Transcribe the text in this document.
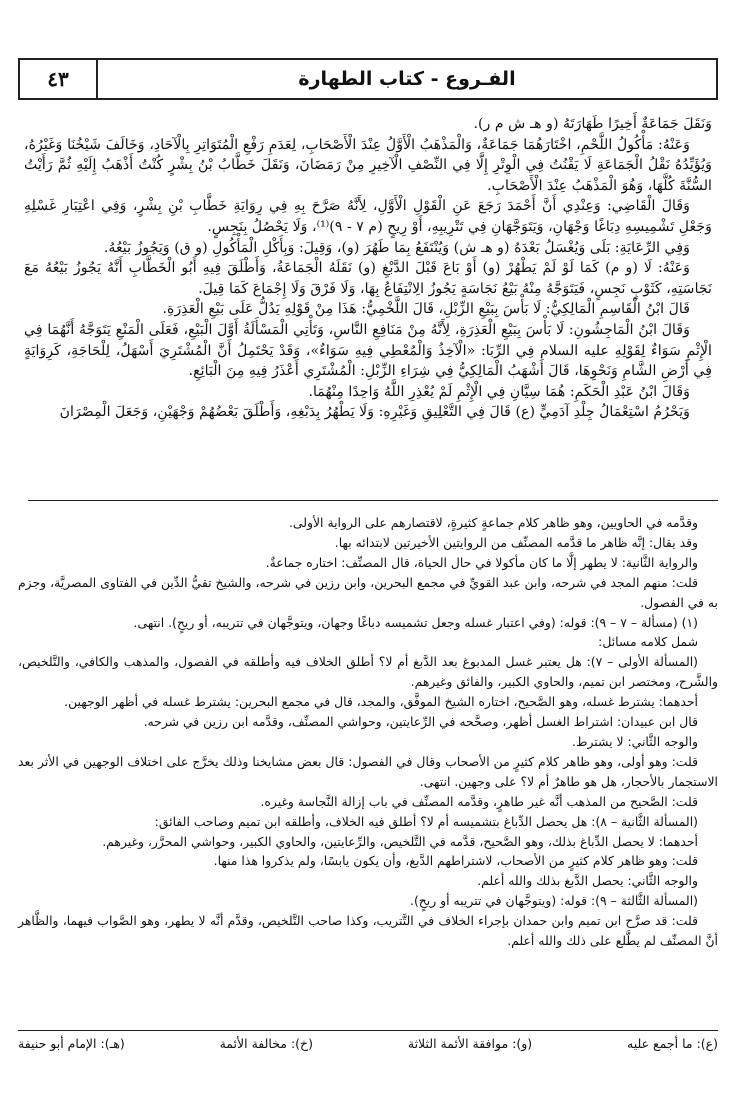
٤٣	الفـروع - كتاب الطهارة

وَنَقَلَ جَمَاعَةٌ أَخِيرًا طَهَارَتَهُ (و هـ ش م ر).

وَعَنْهُ: مَأْكُولُ اللَّحْمِ، اخْتَارَهُمَا جَمَاعَةٌ، وَالْمَذْهَبُ الْأَوَّلُ عِنْدَ الْأَصْحَابِ، لِعَدَمِ رَفْعِ الْمُتَوَاتِرِ بِالْآحَادِ، وَخَالَفَ شَيْخُنَا وَغَيْرُهُ، وَيُؤَيِّدُهُ نَقْلُ الْجَمَاعَةِ لَا يَقْنُتُ فِي الْوِتْرِ إِلَّا فِي النِّصْفِ الْآخِيرِ مِنْ رَمَضَانَ، وَنَقَلَ خَطَّابُ بْنُ بِشْرٍ كُنْتُ أَذْهَبُ إِلَيْهِ ثُمَّ رَأَيْتُ السُّنَّةَ كُلَّهَا، وَهُوَ الْمَذْهَبُ عِنْدَ الْأَصْحَابِ.

وَقَالَ الْقَاضِي: وَعِنْدِي أَنَّ أَحْمَدَ رَجَعَ عَنِ الْقَوْلِ الْأَوَّلِ، لِأَنَّهُ صَرَّحَ بِهِ فِي رِوَايَةِ خَطَّابِ بْنِ بِشْرٍ، وَفِي اعْتِبَارِ غَسْلِهِ وَجَعْلِ تَشْمِيسِهِ دِبَاغًا وَجْهَانِ، وَيَتَوَجَّهَانِ فِي تَتْرِيبِهِ، أَوْ رِيحٍ (م ٧ - ٩)⁽¹⁾، وَلَا يَحْصُلُ بِنَجِسٍ.

وَفِي الرِّعَايَةِ: بَلَى وَيُغْسَلُ بَعْدَهُ (و هـ ش) وَيُنْتَفَعُ بِمَا طَهُرَ (و)، وَقِيلَ: وَبِأَكْلِ الْمَأْكُولِ (و ق) وَيَجُوزُ بَيْعُهُ.

وَعَنْهُ: لَا (و م) كَمَا لَوْ لَمْ يَطْهُرْ (و) أَوْ بَاعَ قَبْلَ الدَّبْغِ (و) نَقَلَهُ الْجَمَاعَةُ، وَأَطْلَقَ فِيهِ أَبُو الْخَطَّابِ أَنَّهُ يَجُوزُ بَيْعُهُ مَعَ نَجَاسَتِهِ، كَثَوْبٍ نَجِسٍ، فَيَتَوَجَّهُ مِنْهُ بَيْعُ نَجَاسَةٍ يَجُوزُ الِانْتِفَاعُ بِهَا، وَلَا فَرْقَ وَلَا إِجْمَاعَ كَمَا قِيلَ.

قَالَ ابْنُ الْقَاسِمِ الْمَالِكِيُّ: لَا بَأْسَ بِبَيْعِ الزِّبْلِ، قَالَ اللَّخْمِيُّ: هَذَا مِنْ قَوْلِهِ يَدُلُّ عَلَى بَيْعِ الْعَذِرَةِ.

وَقَالَ ابْنُ الْمَاجِشُونِ: لَا بَأْسَ بِبَيْعِ الْعَذِرَةِ، لِأَنَّهُ مِنْ مَنَافِعِ النَّاسِ، وَتَأْتِي الْمَسْأَلَةُ أَوَّلَ الْبَيْعِ، فَعَلَى الْمَنْعِ يَتَوَجَّهُ أَنَّهُمَا فِي الْإِثْمِ سَوَاءٌ لِقَوْلِهِ عليه السلام فِي الرِّبَا: «الْآخِذُ وَالْمُعْطِي فِيهِ سَوَاءٌ»، وَقَدْ يَحْتَمِلُ أَنَّ الْمُشْتَرِيَ أَسْهَلُ، لِلْحَاجَةِ، كَرِوَايَةٍ فِي أَرْضِ الشَّامِ وَنَحْوِهَا، قَالَ أَشْهَبُ الْمَالِكِيُّ فِي شِرَاءِ الزِّبْلِ: الْمُشْتَرِي أَعْذَرُ فِيهِ مِنَ الْبَائِعِ.

وَقَالَ ابْنُ عَبْدِ الْحَكَمِ: هُمَا سِيَّانِ فِي الْإِثْمِ لَمْ يُعْذِرِ اللَّهُ وَاحِدًا مِنْهُمَا.

وَيَحْرُمُ اسْتِعْمَالُ جِلْدِ آدَمِيٍّ (ع) قَالَ فِي التَّعْلِيقِ وَغَيْرِهِ: وَلَا يَطْهُرُ بِدَبْغِهِ، وَأَطْلَقَ بَعْضُهُمْ وَجْهَيْنِ، وَجَعَلَ الْمِصْرَانَ

وقدَّمه في الحاويين، وهو ظاهر كلام جماعةٍ كثيرةٍ، لاقتصارهم على الرواية الأولى.

وقد يقال: إنَّه ظاهر ما قدَّمه المصنِّف من الروايتين الأخيرتين لابتدائه بها.

والرواية الثَّانية: لا يطهر إلَّا ما كان مأكولا في حال الحياة، قال المصنِّف: اختاره جماعةٌ.

قلت: منهم المجد في شرحه، وابن عبد القويِّ في مجمع البحرين، وابن رزين في شرحه، والشيخ تقيُّ الدِّين في الفتاوى المصريَّة، وجزم به في الفصول.

(١) (مسألة – ٧ – ٩): قوله: (وفي اعتبار غسله وجعل تشميسه دباغًا وجهان، ويتوجَّهان في تتريبه، أو ريحٍ). انتهى.

شمل كلامه مسائل:

(المسألة الأولى – ٧): هل يعتبر غسل المدبوغ بعد الدَّبغ أم لا؟ أطلق الخلاف فيه وأطلقه في الفصول، والمذهب والكافي، والتَّلخيص، والشَّرح، ومختصر ابن تميم، والحاوي الكبير، والفائق وغيرهم.

أحدهما: يشترط غسله، وهو الصَّحيح، اختاره الشيخ الموفَّق، والمجد، قال في مجمع البحرين: يشترط غسله في أظهر الوجهين.

قال ابن عبيدان: اشتراط الغسل أظهر، وصحَّحه في الرِّعايتين، وحواشي المصنِّف، وقدَّمه ابن رزين في شرحه.

والوجه الثَّاني: لا يشترط.

قلت: وهو أولى، وهو ظاهر كلام كثيرٍ من الأصحاب وقال في الفصول: قال بعض مشايخنا وذلك يخرَّج على اختلاف الوجهين في الأثر بعد الاستجمار بالأحجار، هل هو طاهرٌ أم لا؟ على وجهين. انتهى.

قلت: الصَّحيح من المذهب أنَّه غير طاهرٍ، وقدَّمه المصنِّف في باب إزالة النَّجاسة وغيره.

(المسألة الثَّانية – ٨): هل يحصل الدِّباغ بتشميسه أم لا؟ أطلق فيه الخلاف، وأطلقه ابن تميم وصاحب الفائق:

أحدهما: لا يحصل الدِّباغ بذلك، وهو الصَّحيح، قدَّمه في التَّلخيص، والرِّعايتين، والحاوي الكبير، وحواشي المحرَّر، وغيرهم.

قلت: وهو ظاهر كلام كثيرٍ من الأصحاب، لاشتراطهم الدَّبغ، وأن يكون يابسًا، ولم يذكروا هذا منها.

والوجه الثَّاني: يحصل الدَّبغ بذلك والله أعلم.

(المسألة الثَّالثة – ٩): قوله: (ويتوجَّهان في تتريبه أو ريحٍ).

قلت: قد صرَّح ابن تميم وابن حمدان بإجراء الخلاف في التَّتريب، وكذا صاحب التَّلخيص، وقدَّم أنَّه لا يطهر، وهو الصَّواب فيهما، والظَّاهر أنَّ المصنِّف لم يطَّلع على ذلك والله أعلم.

(ع): ما أجمع عليه
(و): موافقة الأئمة الثلاثة
(خ): مخالفة الأئمة
(هـ): الإمام أبو حنيفة
